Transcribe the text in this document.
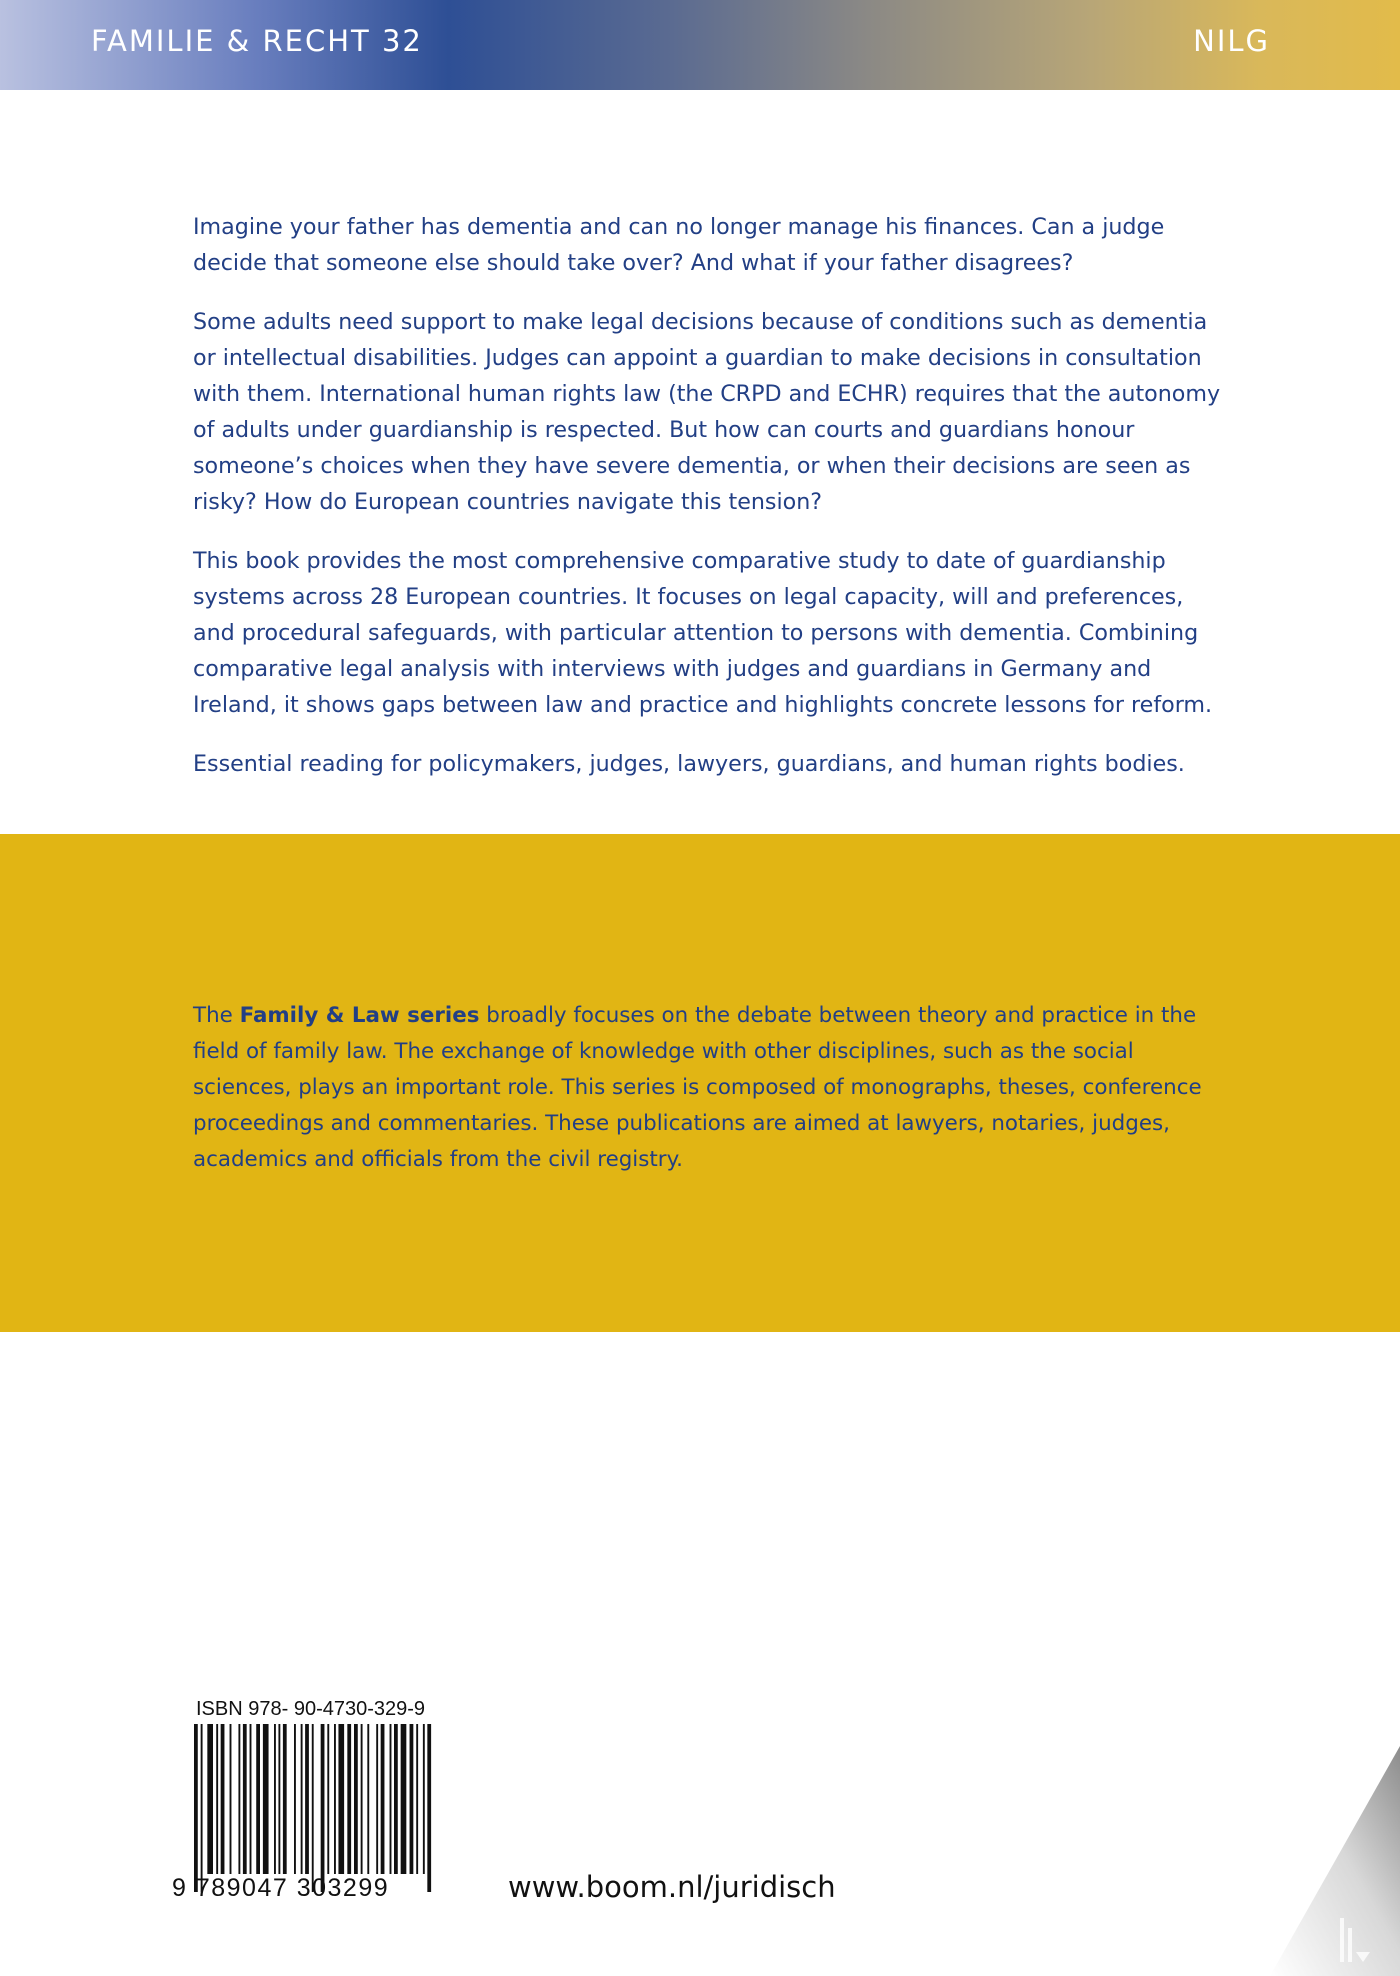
FAMILIE & RECHT 32	NILG

Imagine your father has dementia and can no longer manage his finances. Can a judge decide that someone else should take over? And what if your father disagrees?

Some adults need support to make legal decisions because of conditions such as dementia or intellectual disabilities. Judges can appoint a guardian to make decisions in consultation with them. International human rights law (the CRPD and ECHR) requires that the autonomy of adults under guardianship is respected. But how can courts and guardians honour someone’s choices when they have severe dementia, or when their decisions are seen as risky? How do European countries navigate this tension?

This book provides the most comprehensive comparative study to date of guardianship systems across 28 European countries. It focuses on legal capacity, will and preferences, and procedural safeguards, with particular attention to persons with dementia. Combining comparative legal analysis with interviews with judges and guardians in Germany and Ireland, it shows gaps between law and practice and highlights concrete lessons for reform.

Essential reading for policymakers, judges, lawyers, guardians, and human rights bodies.

The Family & Law series broadly focuses on the debate between theory and practice in the field of family law. The exchange of knowledge with other disciplines, such as the social sciences, plays an important role. This series is composed of monographs, theses, conference proceedings and commentaries. These publications are aimed at lawyers, notaries, judges, academics and officials from the civil registry.

ISBN 978- 90-4730-329-9
9 789047 303299	www.boom.nl/juridisch
